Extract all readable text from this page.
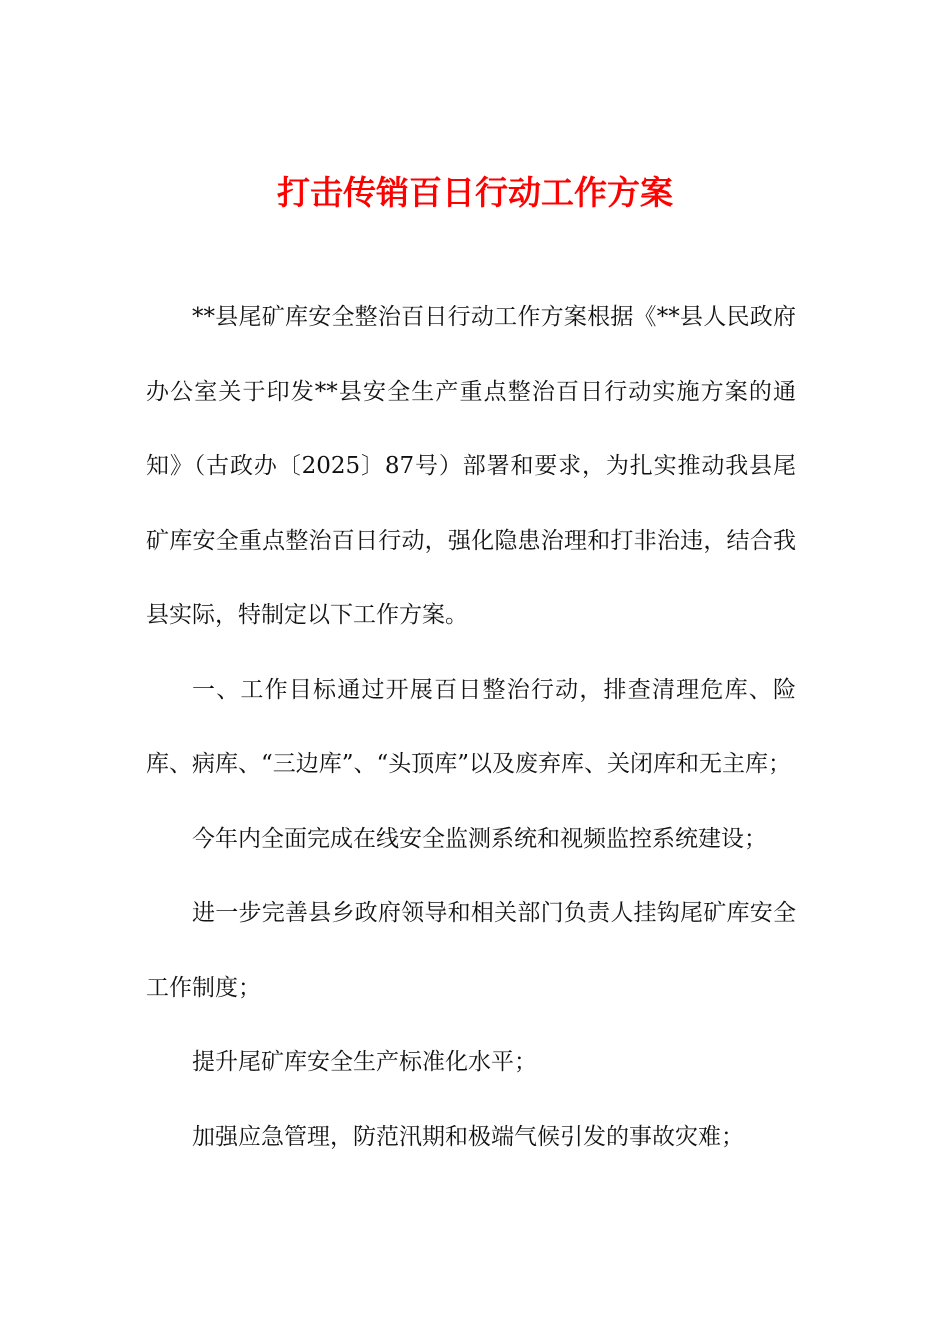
打击传销百日行动工作方案

**县尾矿库安全整治百日行动工作方案根据《**县人民政府办公室关于印发**县安全生产重点整治百日行动实施方案的通知》（古政办〔2025〕87号）部署和要求，为扎实推动我县尾矿库安全重点整治百日行动，强化隐患治理和打非治违，结合我县实际，特制定以下工作方案。

一、工作目标通过开展百日整治行动，排查清理危库、险库、病库、“三边库”、“头顶库”以及废弃库、关闭库和无主库；

今年内全面完成在线安全监测系统和视频监控系统建设；

进一步完善县乡政府领导和相关部门负责人挂钩尾矿库安全工作制度；

提升尾矿库安全生产标准化水平；

加强应急管理，防范汛期和极端气候引发的事故灾难；
